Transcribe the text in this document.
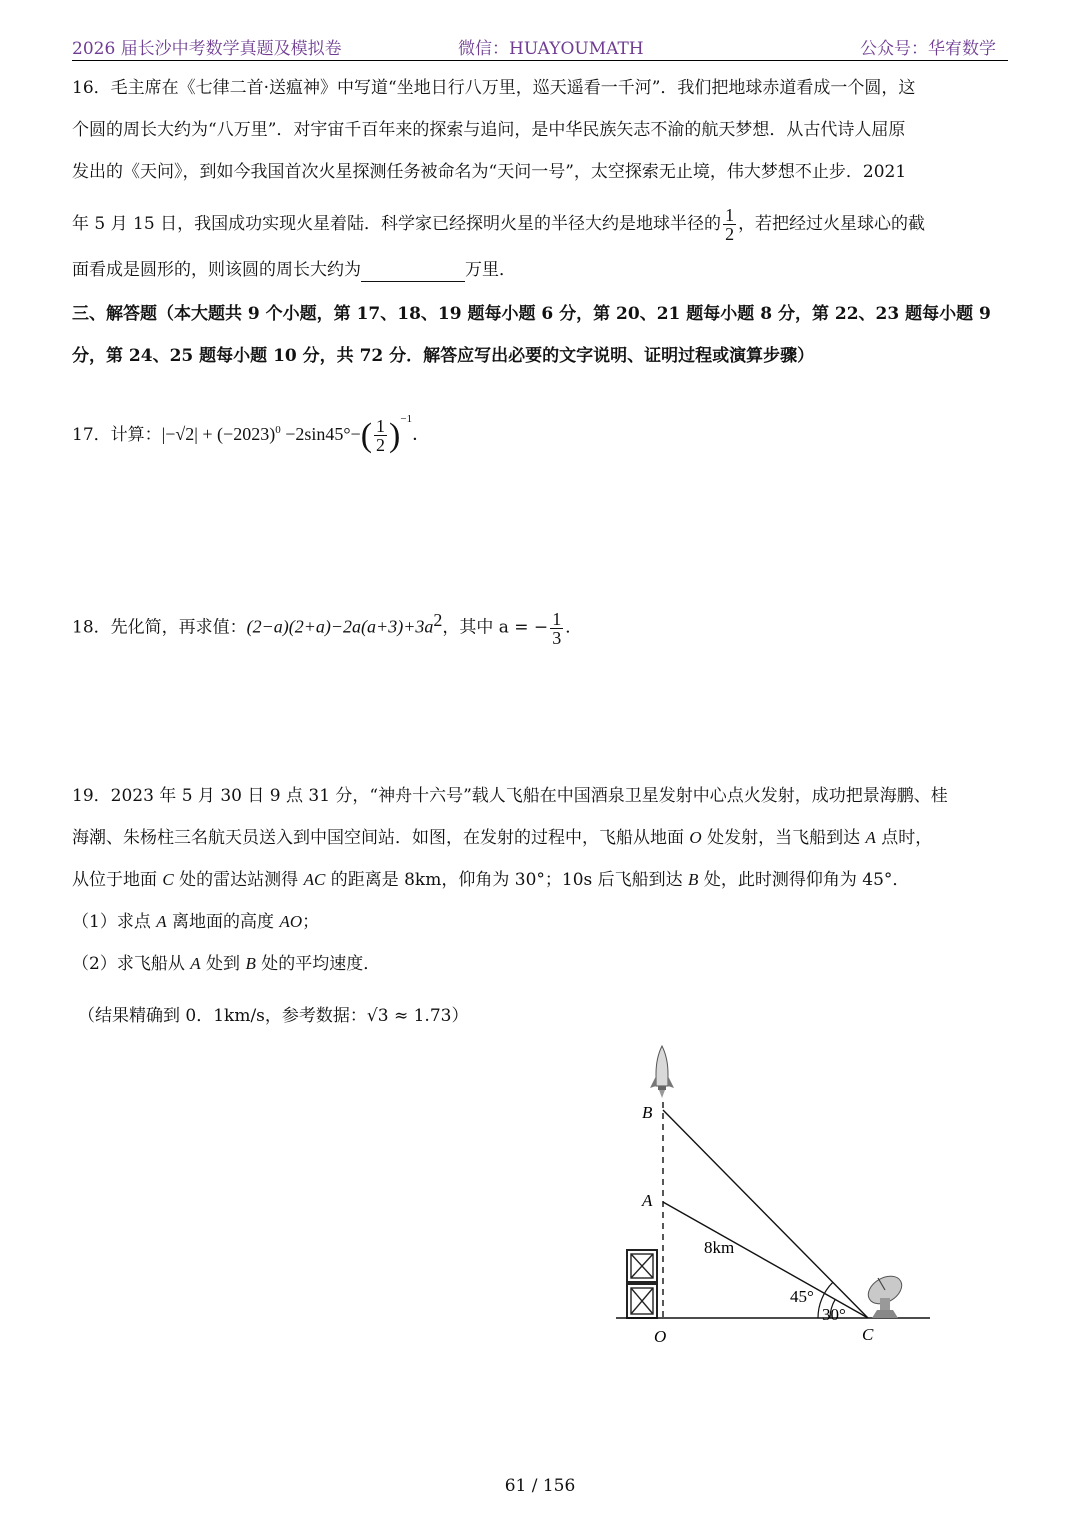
2026 届长沙中考数学真题及模拟卷	微信：HUAYOUMATH	公众号：华宥数学
16．毛主席在《七律二首·送瘟神》中写道“坐地日行八万里，巡天遥看一千河”．我们把地球赤道看成一个圆，这
个圆的周长大约为“八万里”．对宇宙千百年来的探索与追问，是中华民族矢志不渝的航天梦想．从古代诗人屈原
发出的《天问》，到如今我国首次火星探测任务被命名为“天问一号”，太空探索无止境，伟大梦想不止步．2021
年 5 月 15 日，我国成功实现火星着陆．科学家已经探明火星的半径大约是地球半径的 $\frac{1}{2}$ ，若把经过火星球心的截
面看成是圆形的，则该圆的周长大约为	万里．
三、解答题（本大题共 9 个小题，第 17、18、19 题每小题 6 分，第 20、21 题每小题 8 分，第 22、23 题每小题 9
分，第 24、25 题每小题 10 分，共 72 分．解答应写出必要的文字说明、证明过程或演算步骤）
17．计算：$|-√2| + (-2023)^0 -2\sin 45^\circ-( \frac{1}{2} )^{-1}$．
18．先化简，再求值：$(2-a)(2+a)-2a(a+3)+3a^2$，其中 a = − $\frac{1}{3}$ ．
19．2023 年 5 月 30 日 9 点 31 分，“神舟十六号”载人飞船在中国酒泉卫星发射中心点火发射，成功把景海鹏、桂
海潮、朱杨柱三名航天员送入到中国空间站．如图，在发射的过程中，飞船从地面 O 处发射，当飞船到达 A 点时，
从位于地面 C 处的雷达站测得 AC 的距离是 8km，仰角为 30°；10s 后飞船到达 B 处，此时测得仰角为 45°．
（1）求点 A 离地面的高度 AO；
（2）求飞船从 A 处到 B 处的平均速度．
（结果精确到 0．1km/s，参考数据：√3 ≈ 1.73）
B
A
O	C
8km
45°
30°
61 / 156
